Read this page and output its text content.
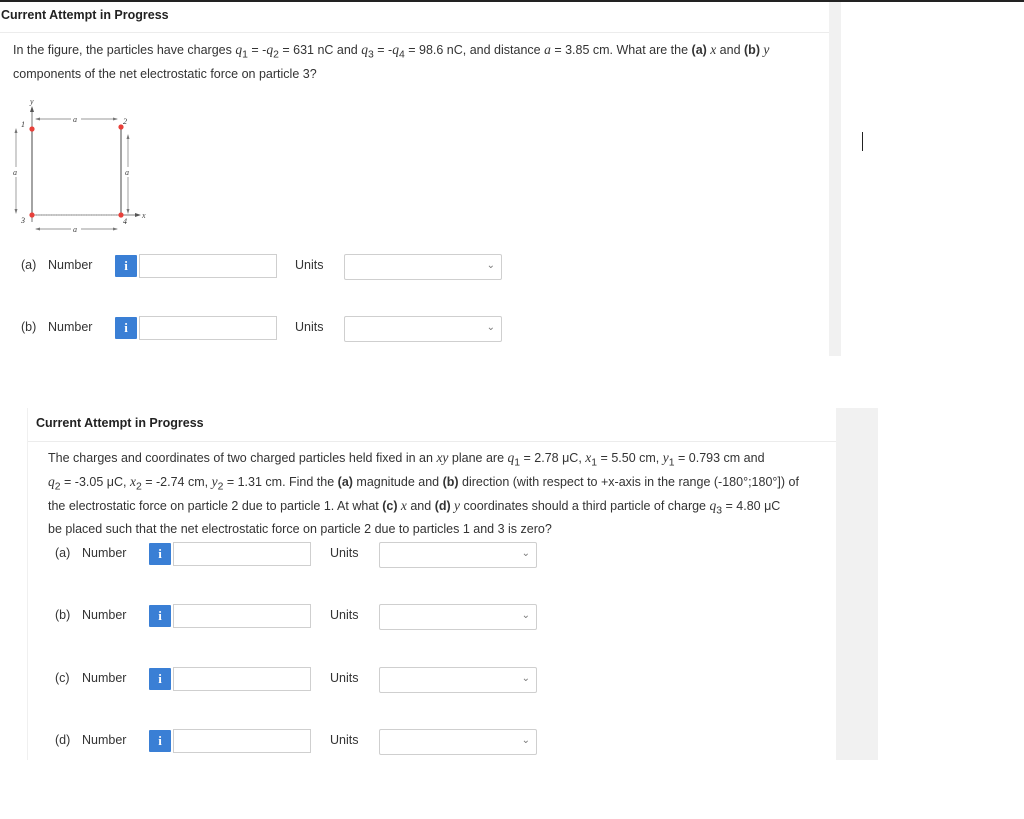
Current Attempt in Progress
In the figure, the particles have charges $q_1 = -q_2 = 631$ nC and $q_3 = -q_4 = 98.6$ nC, and distance a = 3.85 cm. What are the (a) x and (b) y
components of the net electrostatic force on particle 3?
y
x
a
a
a	a
1	2
3	4
(a) Number	i	Units	⌄
(b) Number	i	Units	⌄
Current Attempt in Progress
The charges and coordinates of two charged particles held fixed in an xy plane are $q_1 = 2.78$ μC, $x_1 = 5.50$ cm, $y_1 = 0.793$ cm and
$q_2 = -3.05$ μC, $x_2 = -2.74$ cm, $y_2 = 1.31$ cm. Find the (a) magnitude and (b) direction (with respect to +x-axis in the range (-180°;180°]) of
the electrostatic force on particle 2 due to particle 1. At what (c) x and (d) y coordinates should a third particle of charge $q_3 = 4.80$ μC
be placed such that the net electrostatic force on particle 2 due to particles 1 and 3 is zero?
(a) Number	i	Units	⌄
(b) Number	i	Units	⌄
(c) Number	i	Units	⌄
(d) Number	i	Units	⌄
